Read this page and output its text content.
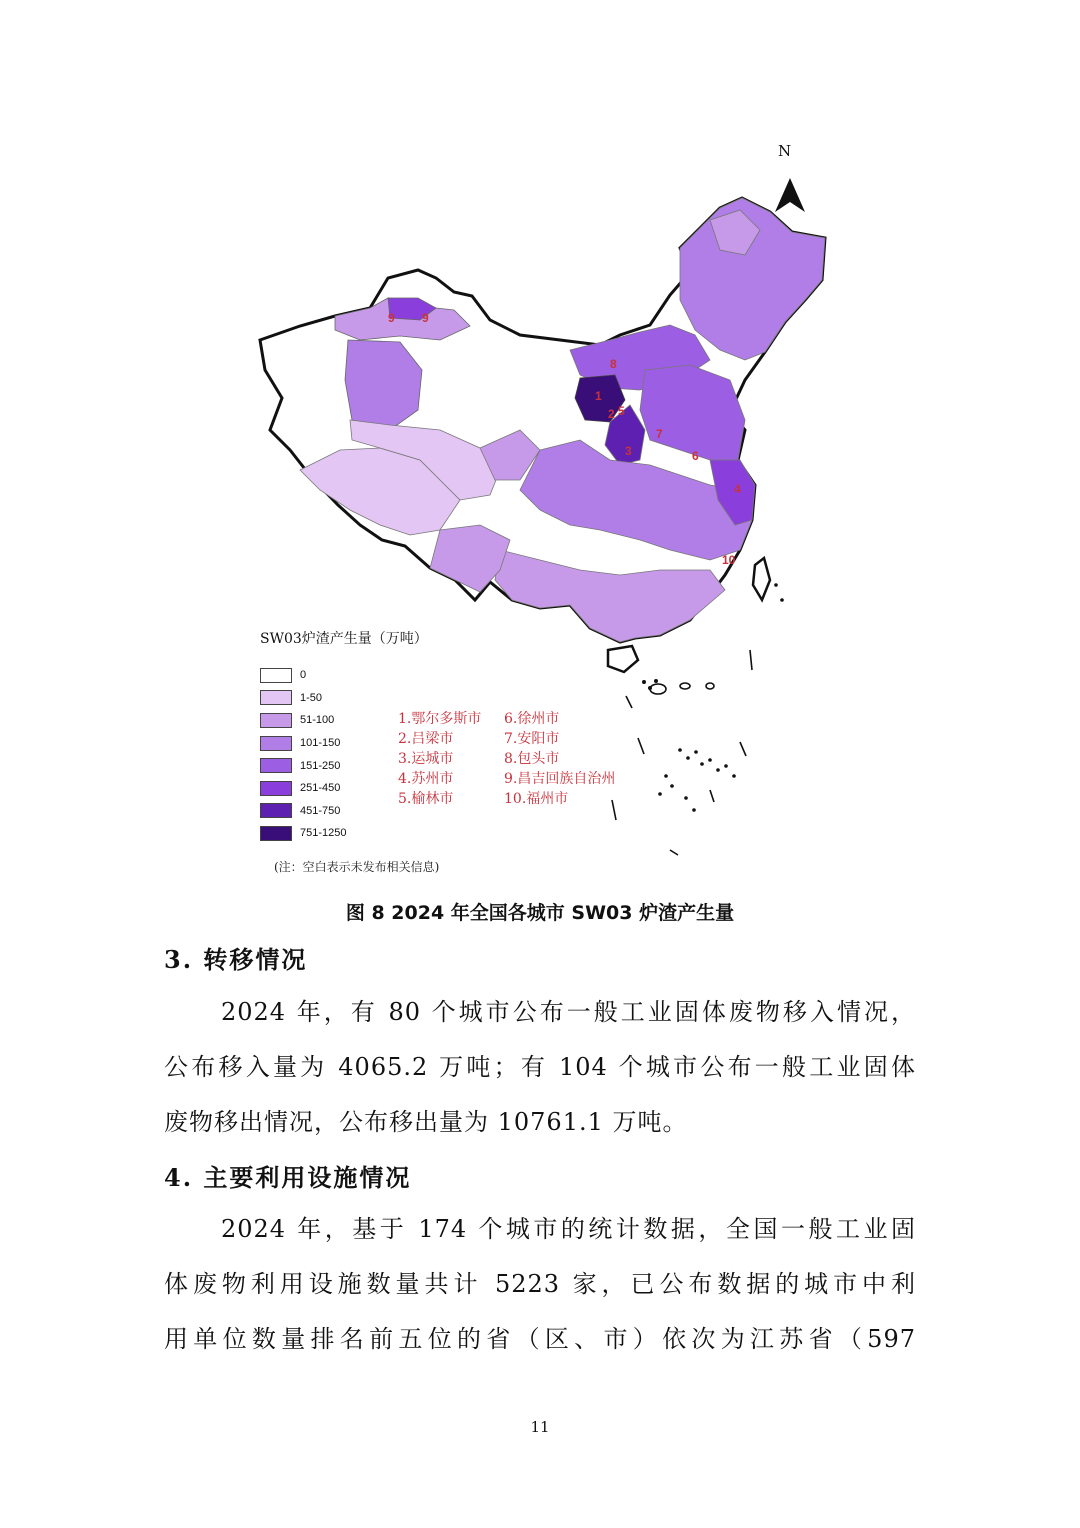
1
2
3
4
5
6
7
8
9 9
10
N
SW03炉渣产生量（万吨）
0
1-50
51-100
101-150
151-250
251-450
451-750
751-1250
1.鄂尔多斯市	6.徐州市
2.吕梁市	7.安阳市
3.运城市	8.包头市
4.苏州市	9.昌吉回族自治州
5.榆林市	10.福州市
(注：空白表示未发布相关信息)
图 8 2024 年全国各城市 SW03 炉渣产生量
3. 转移情况
2024 年，有 80 个城市公布一般工业固体废物移入情况，
公布移入量为 4065.2 万吨；有 104 个城市公布一般工业固体
废物移出情况，公布移出量为 10761.1 万吨。
4. 主要利用设施情况
2024 年，基于 174 个城市的统计数据，全国一般工业固
体废物利用设施数量共计 5223 家，已公布数据的城市中利
用单位数量排名前五位的省（区、市）依次为江苏省（597
11
